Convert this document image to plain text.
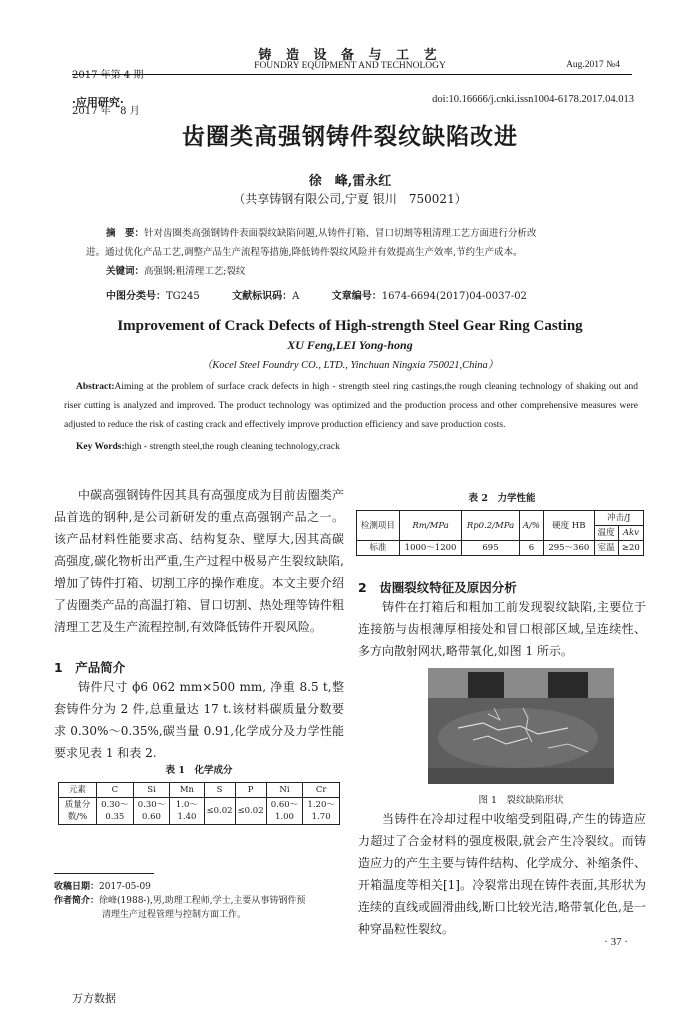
2017 年第 4 期

2017 年   8 月

铸 造 设 备 与 工 艺
FOUNDRY EQUIPMENT AND TECHNOLOGY	Aug.2017 №4
·应用研究·	doi:10.16666/j.cnki.issn1004-6178.2017.04.013
齿圈类高强钢铸件裂纹缺陷改进
徐　峰,雷永红
（共享铸钢有限公司,宁夏 银川　750021）
摘　要：针对齿圈类高强钢铸件表面裂纹缺陷问题,从铸件打箱、冒口切割等粗清理工艺方面进行分析改
进。通过优化产品工艺,调整产品生产流程等措施,降低铸件裂纹风险并有效提高生产效率,节约生产成本。
关键词：高强钢;粗清理工艺;裂纹
中图分类号：TG245	文献标识码：A	文章编号：1674-6694(2017)04-0037-02
Improvement of Crack Defects of High-strength Steel Gear Ring Casting
XU Feng,LEI Yong-hong
（Kocel Steel Foundry CO., LTD., Yinchuan Ningxia 750021,China）
Abstract:Aiming at the problem of surface crack defects in high - strength steel ring castings,the rough cleaning technology of shaking out and riser cutting is analyzed and improved. The product technology was optimized and the production process and other comprehensive measures were adjusted to reduce the risk of casting crack and effectively improve production efficiency and save production costs.
Key Words:high - strength steel,the rough cleaning technology,crack
中碳高强钢铸件因其具有高强度成为目前齿圈类产品首选的钢种,是公司新研发的重点高强钢产品之一。该产品材料性能要求高、结构复杂、壁厚大,因其高碳高强度,碳化物析出严重,生产过程中极易产生裂纹缺陷,增加了铸件打箱、切割工序的操作难度。本文主要介绍了齿圈类产品的高温打箱、冒口切割、热处理等铸件粗清理工艺及生产流程控制,有效降低铸件开裂风险。
1　产品简介
铸件尺寸 ϕ6 062 mm×500 mm, 净重 8.5 t,整套铸件分为 2 件,总重量达 17 t.该材料碳质量分数要求 0.30%～0.35%,碳当量 0.91,化学成分及力学性能要求见表 1 和表 2.
表 1　化学成分
元素	C	Si	Mn	S	P	Ni	Cr
质量分数/%	0.30～0.35	0.30～0.60	1.0～1.40	≤0.02	≤0.02	0.60～1.00	1.20～1.70
收稿日期：2017-05-09
作者简介：徐峰(1988-),男,助理工程师,学士,主要从事铸钢件预
清理生产过程管理与控制方面工作。
表 2　力学性能
检测项目	Rm/MPa	Rp0.2/MPa	A/%	硬度 HB	冲击/J	
					温度	Akv
标准	1000～1200	695	6	295～360	室温	≥20
2　齿圈裂纹特征及原因分析
铸件在打箱后和粗加工前发现裂纹缺陷,主要位于连接筋与齿根薄厚相接处和冒口根部区域,呈连续性、多方向散射网状,略带氧化,如图 1 所示。
图 1　裂纹缺陷形状
当铸件在冷却过程中收缩受到阻碍,产生的铸造应力超过了合金材料的强度极限,就会产生冷裂纹。而铸造应力的产生主要与铸件结构、化学成分、补缩条件、开箱温度等相关[1]。冷裂常出现在铸件表面,其形状为连续的直线或圆滑曲线,断口比较光洁,略带氧化色,是一种穿晶粒性裂纹。
· 37 ·
万方数据
